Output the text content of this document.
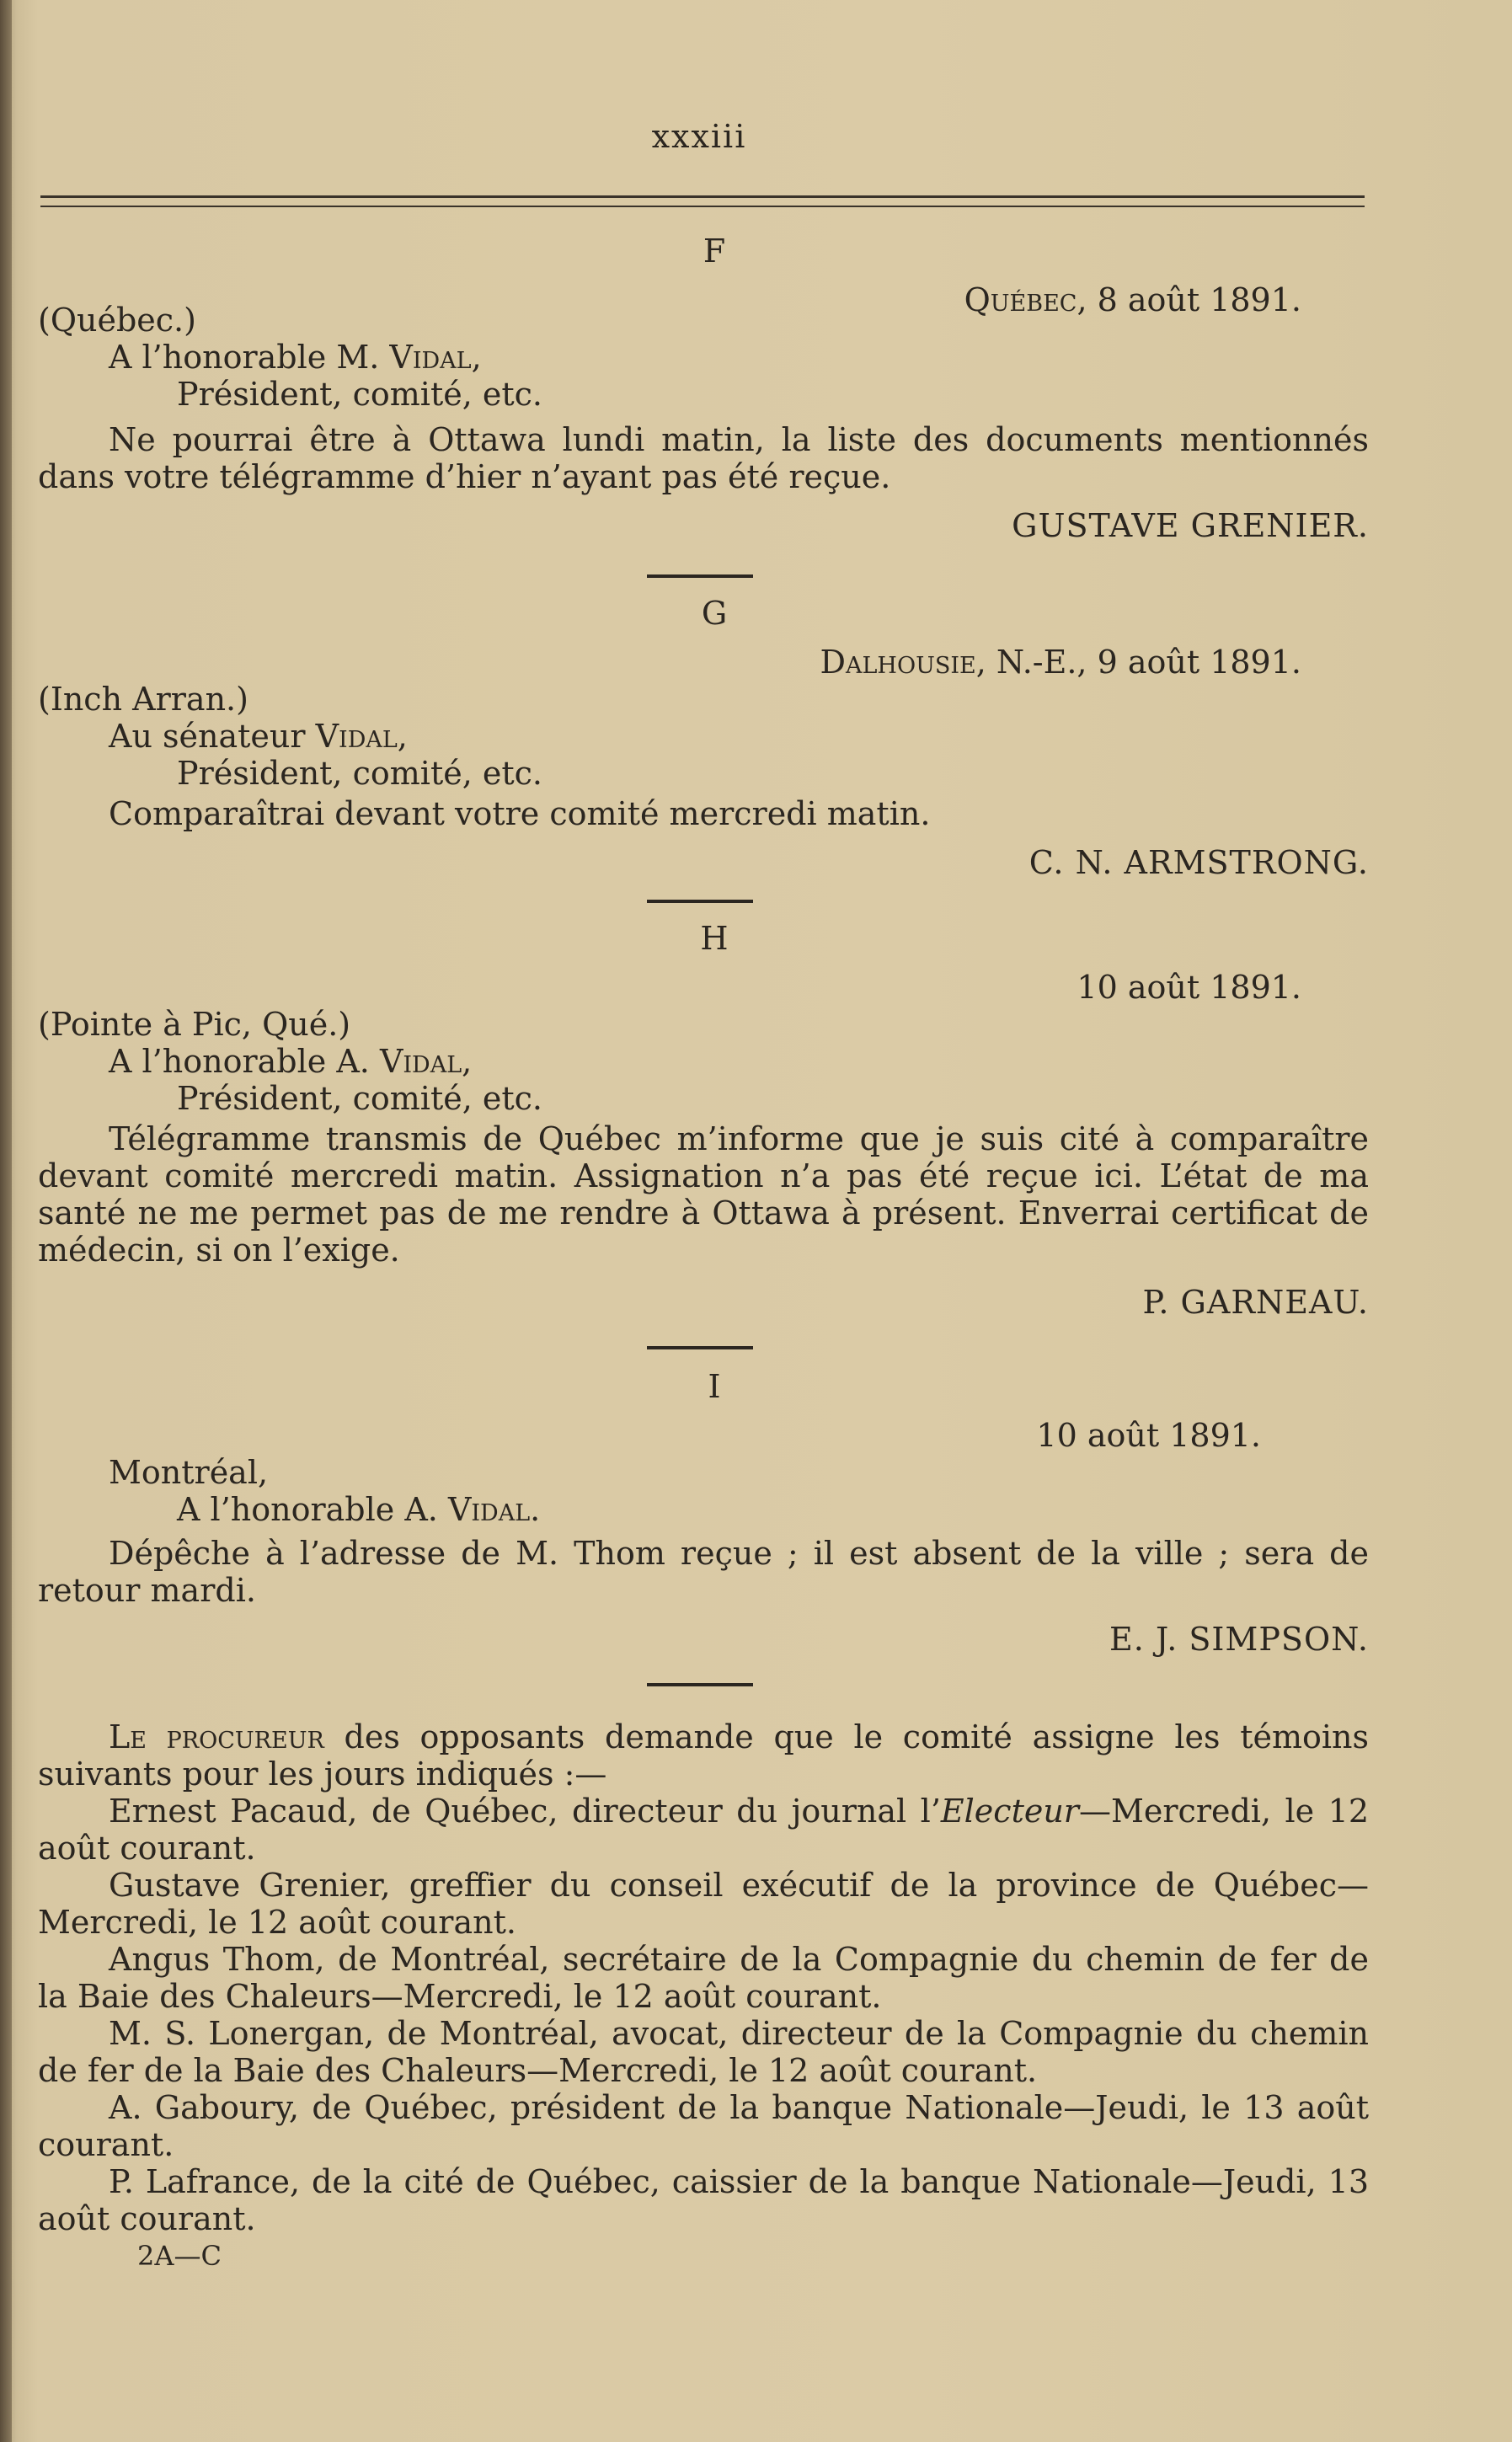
xxxiii

F

Québec, 8 août 1891.

(Québec.)

A l’honorable M. Vidal,

Président, comité, etc.

Ne pourrai être à Ottawa lundi matin, la liste des documents mentionnés dans votre télégramme d’hier n’ayant pas été reçue.

GUSTAVE GRENIER.

G

Dalhousie, N.-E., 9 août 1891.

(Inch Arran.)

Au sénateur Vidal,

Président, comité, etc.

Comparaîtrai devant votre comité mercredi matin.

C. N. ARMSTRONG.

H

10 août 1891.

(Pointe à Pic, Qué.)

A l’honorable A. Vidal,

Président, comité, etc.

Télégramme transmis de Québec m’informe que je suis cité à comparaître devant comité mercredi matin. Assignation n’a pas été reçue ici. L’état de ma santé ne me permet pas de me rendre à Ottawa à présent. Enverrai certificat de médecin, si on l’exige.

P. GARNEAU.

I

10 août 1891.

Montréal,

A l’honorable A. Vidal.

Dépêche à l’adresse de M. Thom reçue ; il est absent de la ville ; sera de retour mardi.

E. J. SIMPSON.

Le procureur des opposants demande que le comité assigne les témoins suivants pour les jours indiqués :—

Ernest Pacaud, de Québec, directeur du journal l’Electeur—Mercredi, le 12 août courant.

Gustave Grenier, greffier du conseil exécutif de la province de Québec—Mercredi, le 12 août courant.

Angus Thom, de Montréal, secrétaire de la Compagnie du chemin de fer de la Baie des Chaleurs—Mercredi, le 12 août courant.

M. S. Lonergan, de Montréal, avocat, directeur de la Compagnie du chemin de fer de la Baie des Chaleurs—Mercredi, le 12 août courant.

A. Gaboury, de Québec, président de la banque Nationale—Jeudi, le 13 août courant.

P. Lafrance, de la cité de Québec, caissier de la banque Nationale—Jeudi, 13 août courant.

2A—C
